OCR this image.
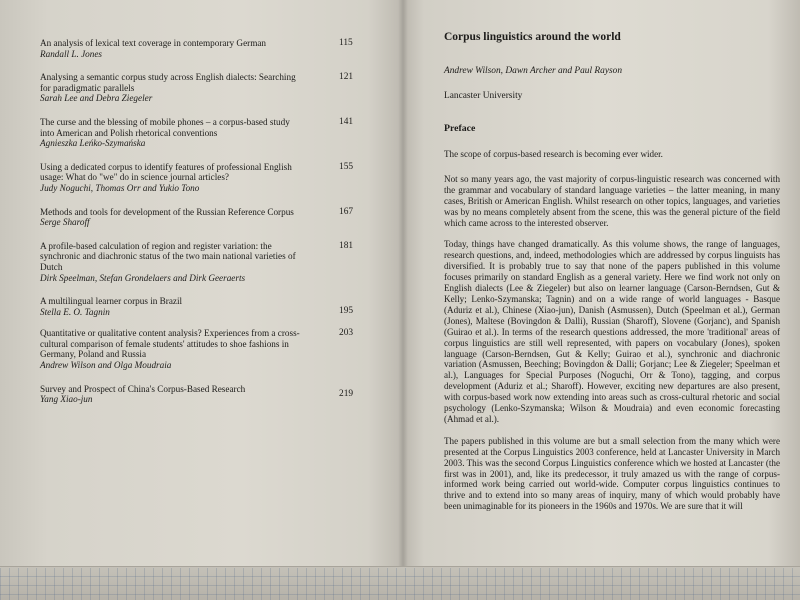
An analysis of lexical text coverage in contemporary German
Randall L. Jones
115
Analysing a semantic corpus study across English dialects: Searching for paradigmatic parallels
Sarah Lee and Debra Ziegeler
121
The curse and the blessing of mobile phones – a corpus-based study into American and Polish rhetorical conventions
Agnieszka Leńko-Szymańska
141
Using a dedicated corpus to identify features of professional English usage: What do "we" do in science journal articles?
Judy Noguchi, Thomas Orr and Yukio Tono
155
Methods and tools for development of the Russian Reference Corpus
Serge Sharoff
167
A profile-based calculation of region and register variation: the synchronic and diachronic status of the two main national varieties of Dutch
Dirk Speelman, Stefan Grondelaers and Dirk Geeraerts
181
A multilingual learner corpus in Brazil
Stella E. O. Tagnin	195
Quantitative or qualitative content analysis? Experiences from a cross-cultural comparison of female students' attitudes to shoe fashions in Germany, Poland and Russia
Andrew Wilson and Olga Moudraia
203
Survey and Prospect of China's Corpus-Based Research
Yang Xiao-jun
219
Corpus linguistics around the world
Andrew Wilson, Dawn Archer and Paul Rayson
Lancaster University
Preface

The scope of corpus-based research is becoming ever wider.

Not so many years ago, the vast majority of corpus-linguistic research was concerned with the grammar and vocabulary of standard language varieties – the latter meaning, in many cases, British or American English. Whilst research on other topics, languages, and varieties was by no means completely absent from the scene, this was the general picture of the field which came across to the interested observer.

Today, things have changed dramatically. As this volume shows, the range of languages, research questions, and, indeed, methodologies which are addressed by corpus linguists has diversified. It is probably true to say that none of the papers published in this volume focuses primarily on standard English as a general variety. Here we find work not only on English dialects (Lee & Ziegeler) but also on learner language (Carson-Berndsen, Gut & Kelly; Lenko-Szymanska; Tagnin) and on a wide range of world languages - Basque (Aduriz et al.), Chinese (Xiao-jun), Danish (Asmussen), Dutch (Speelman et al.), German (Jones), Maltese (Bovingdon & Dalli), Russian (Sharoff), Slovene (Gorjanc), and Spanish (Guirao et al.). In terms of the research questions addressed, the more 'traditional' areas of corpus linguistics are still well represented, with papers on vocabulary (Jones), spoken language (Carson-Berndsen, Gut & Kelly; Guirao et al.), synchronic and diachronic variation (Asmussen, Beeching; Bovingdon & Dalli; Gorjanc; Lee & Ziegeler; Speelman et al.), Languages for Special Purposes (Noguchi, Orr & Tono), tagging, and corpus development (Aduriz et al.; Sharoff). However, exciting new departures are also present, with corpus-based work now extending into areas such as cross-cultural rhetoric and social psychology (Lenko-Szymanska; Wilson & Moudraia) and even economic forecasting (Ahmad et al.).

The papers published in this volume are but a small selection from the many which were presented at the Corpus Linguistics 2003 conference, held at Lancaster University in March 2003. This was the second Corpus Linguistics conference which we hosted at Lancaster (the first was in 2001), and, like its predecessor, it truly amazed us with the range of corpus-informed work being carried out world-wide. Computer corpus linguistics continues to thrive and to extend into so many areas of inquiry, many of which would probably have been unimaginable for its pioneers in the 1960s and 1970s. We are sure that it will
